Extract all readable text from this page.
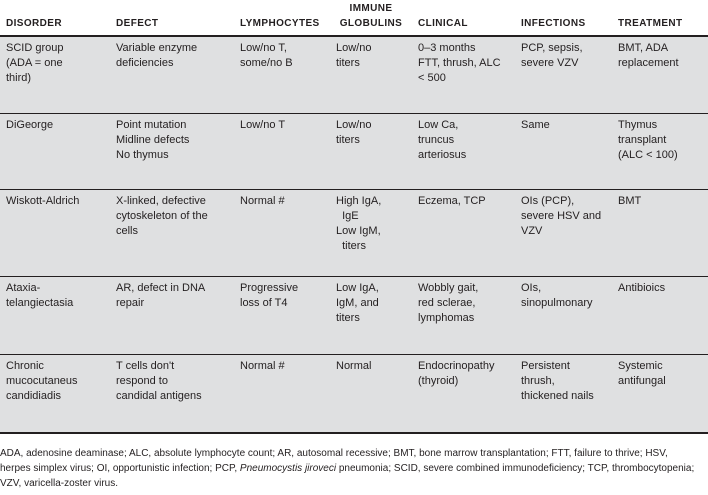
DISORDER	DEFECT	LYMPHOCYTES	IMMUNE
GLOBULINS	CLINICAL	INFECTIONS	TREATMENT

SCID group
(ADA = one
third)	Variable enzyme
deficiencies	Low/no T,
some/no B	Low/no
titers	0–3 months
FTT, thrush, ALC
< 500	PCP, sepsis,
severe VZV	BMT, ADA
replacement

DiGeorge	Point mutation
Midline defects
No thymus	Low/no T	Low/no
titers	Low Ca,
truncus
arteriosus	Same	Thymus
transplant
(ALC < 100)

Wiskott-Aldrich	X-linked, defective
cytoskeleton of the
cells	Normal #	High IgA,
IgE
Low IgM,
titers	Eczema, TCP	OIs (PCP),
severe HSV and
VZV	BMT

Ataxia-
telangiectasia	AR, defect in DNA
repair	Progressive
loss of T4	Low IgA,
IgM, and
titers	Wobbly gait,
red sclerae,
lymphomas	OIs,
sinopulmonary	Antibioics

Chronic
mucocutaneus
candidiadis	T cells don't
respond to
candidal antigens	Normal #	Normal	Endocrinopathy
(thyroid)	Persistent
thrush,
thickened nails	Systemic
antifungal

ADA, adenosine deaminase; ALC, absolute lymphocyte count; AR, autosomal recessive; BMT, bone marrow transplantation; FTT, failure to thrive; HSV, herpes simplex virus; OI, opportunistic infection; PCP, Pneumocystis jiroveci pneumonia; SCID, severe combined immunodeficiency; TCP, thrombocytopenia; VZV, varicella-zoster virus.
